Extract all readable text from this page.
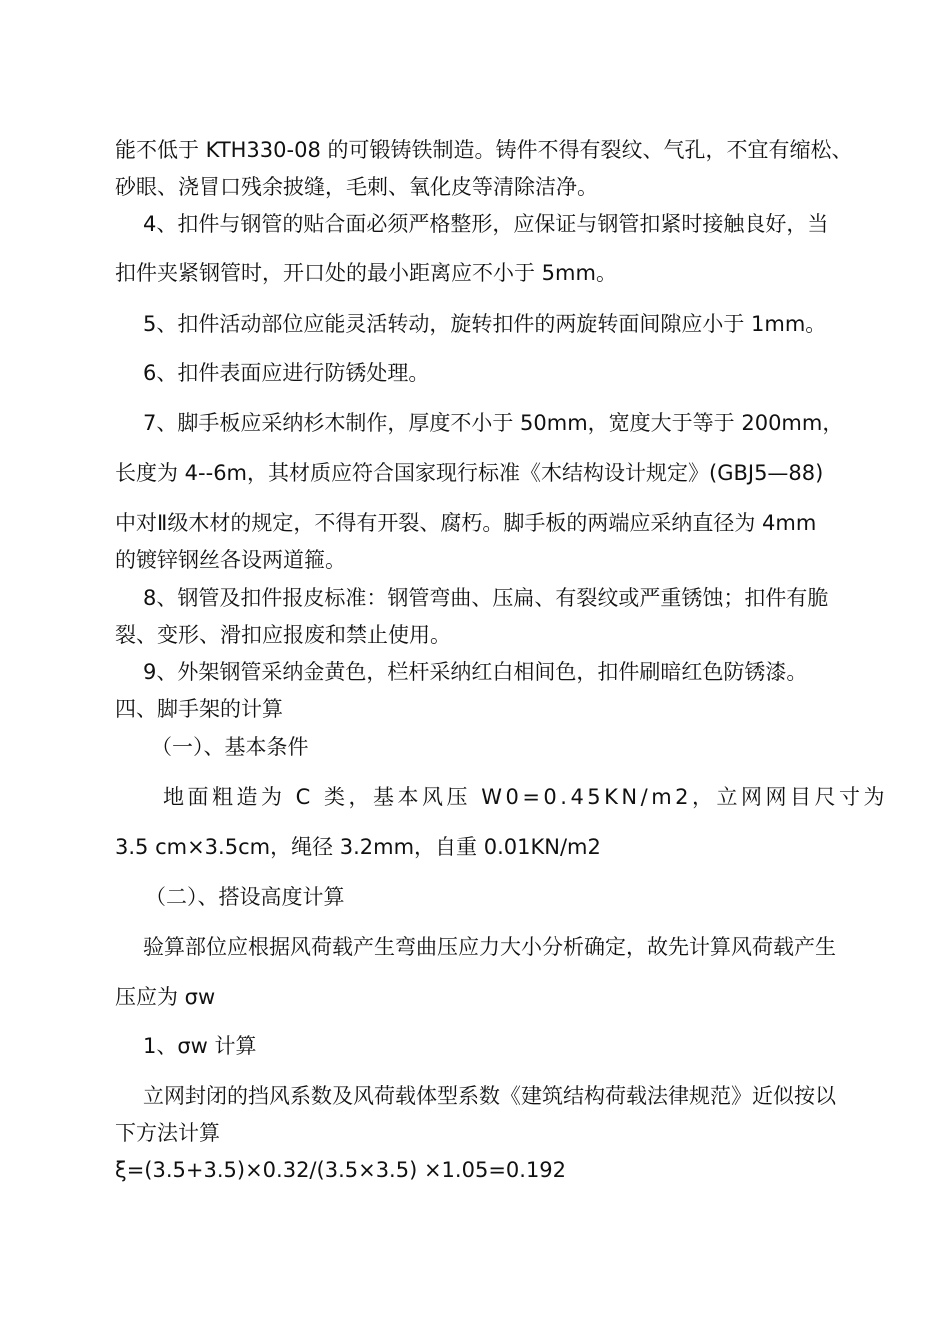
能不低于 KTH330-08 的可锻铸铁制造。铸件不得有裂纹、气孔，不宜有缩松、
砂眼、浇冒口残余披缝，毛刺、氧化皮等清除洁净。
4、扣件与钢管的贴合面必须严格整形，应保证与钢管扣紧时接触良好，当
扣件夹紧钢管时，开口处的最小距离应不小于 5mm。
5、扣件活动部位应能灵活转动，旋转扣件的两旋转面间隙应小于 1mm。
6、扣件表面应进行防锈处理。
7、脚手板应采纳杉木制作，厚度不小于 50mm，宽度大于等于 200mm，
长度为 4--6m，其材质应符合国家现行标准《木结构设计规定》(GBJ5—88)
中对Ⅱ级木材的规定，不得有开裂、腐朽。脚手板的两端应采纳直径为 4mm
的镀锌钢丝各设两道箍。
8、钢管及扣件报皮标准：钢管弯曲、压扁、有裂纹或严重锈蚀；扣件有脆
裂、变形、滑扣应报废和禁止使用。
9、外架钢管采纳金黄色，栏杆采纳红白相间色，扣件刷暗红色防锈漆。
四、脚手架的计算
（一）、基本条件
地面粗造为 C 类，基本风压 W0=0.45KN/m2，立网网目尺寸为
3.5 cm×3.5cm，绳径 3.2mm，自重 0.01KN/m2
（二）、搭设高度计算
验算部位应根据风荷载产生弯曲压应力大小分析确定，故先计算风荷载产生
压应为 σw
1、σw 计算
立网封闭的挡风系数及风荷载体型系数《建筑结构荷载法律规范》近似按以
下方法计算
ξ=(3.5+3.5)×0.32/(3.5×3.5) ×1.05=0.192
